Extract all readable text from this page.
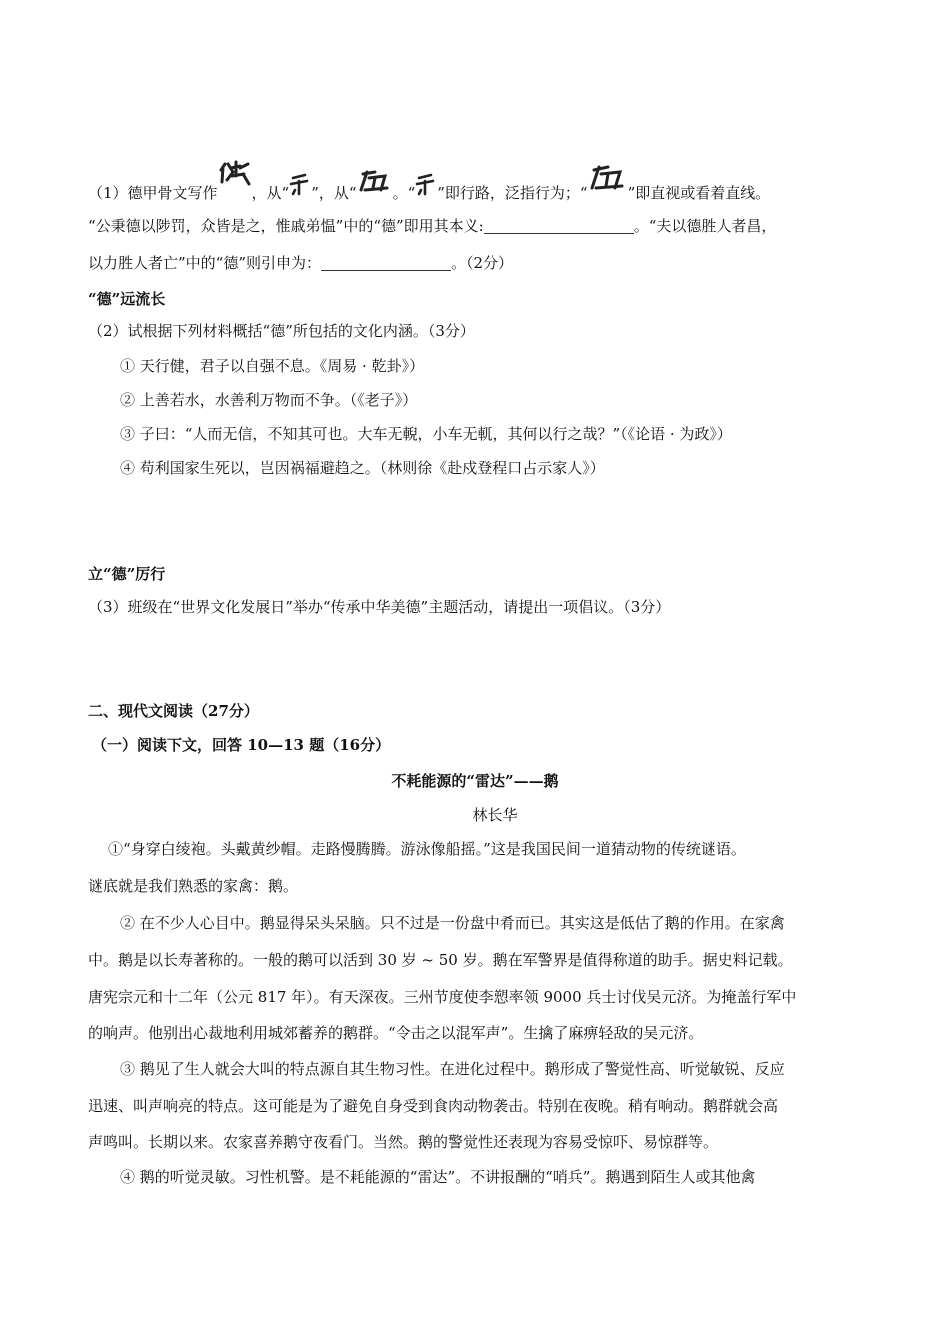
（1）德甲骨文写作 ，从“ ”，从“ 。“ ”即行路，泛指行为；“	”即直视或看着直线。
“公秉德以陟罚，众皆是之，惟戚弟愠”中的“德”即用其本义:	。“夫以德胜人者昌，
以力胜人者亡”中的“德”则引申为：	。（2分）
“德”远流长
（2）试根据下列材料概括“德”所包括的文化内涵。（3分）
① 天行健，君子以自强不息。《周易 · 乾卦》）
② 上善若水，水善利万物而不争。（《老子》）
③ 子曰：“人而无信，不知其可也。大车无輗，小车无軏，其何以行之哉？”（《论语 · 为政》）
④ 苟利国家生死以，岂因祸福避趋之。（林则徐《赴戍登程口占示家人》）
立“德”厉行
（3）班级在“世界文化发展日”举办“传承中华美德”主题活动，请提出一项倡议。（3分）
二、现代文阅读（27分）
（一）阅读下文，回答 10—13 题（16分）
不耗能源的“雷达”——鹅
林长华
①“身穿白绫袍。头戴黄纱帽。走路慢腾腾。游泳像船摇。”这是我国民间一道猜动物的传统谜语。
谜底就是我们熟悉的家禽：鹅。
② 在不少人心目中。鹅显得呆头呆脑。只不过是一份盘中肴而已。其实这是低估了鹅的作用。在家禽
中。鹅是以长寿著称的。一般的鹅可以活到 30 岁 ~ 50 岁。鹅在军警界是值得称道的助手。据史料记载。
唐宪宗元和十二年（公元 817 年）。有天深夜。三州节度使李愬率领 9000 兵士讨伐吴元济。为掩盖行军中
的响声。他别出心裁地利用城郊蓄养的鹅群。“令击之以混军声”。生擒了麻痹轻敌的吴元济。
③ 鹅见了生人就会大叫的特点源自其生物习性。在进化过程中。鹅形成了警觉性高、听觉敏锐、反应
迅速、叫声响亮的特点。这可能是为了避免自身受到食肉动物袭击。特别在夜晚。稍有响动。鹅群就会高
声鸣叫。长期以来。农家喜养鹅守夜看门。当然。鹅的警觉性还表现为容易受惊吓、易惊群等。
④ 鹅的听觉灵敏。习性机警。是不耗能源的“雷达”。不讲报酬的“哨兵”。鹅遇到陌生人或其他禽
